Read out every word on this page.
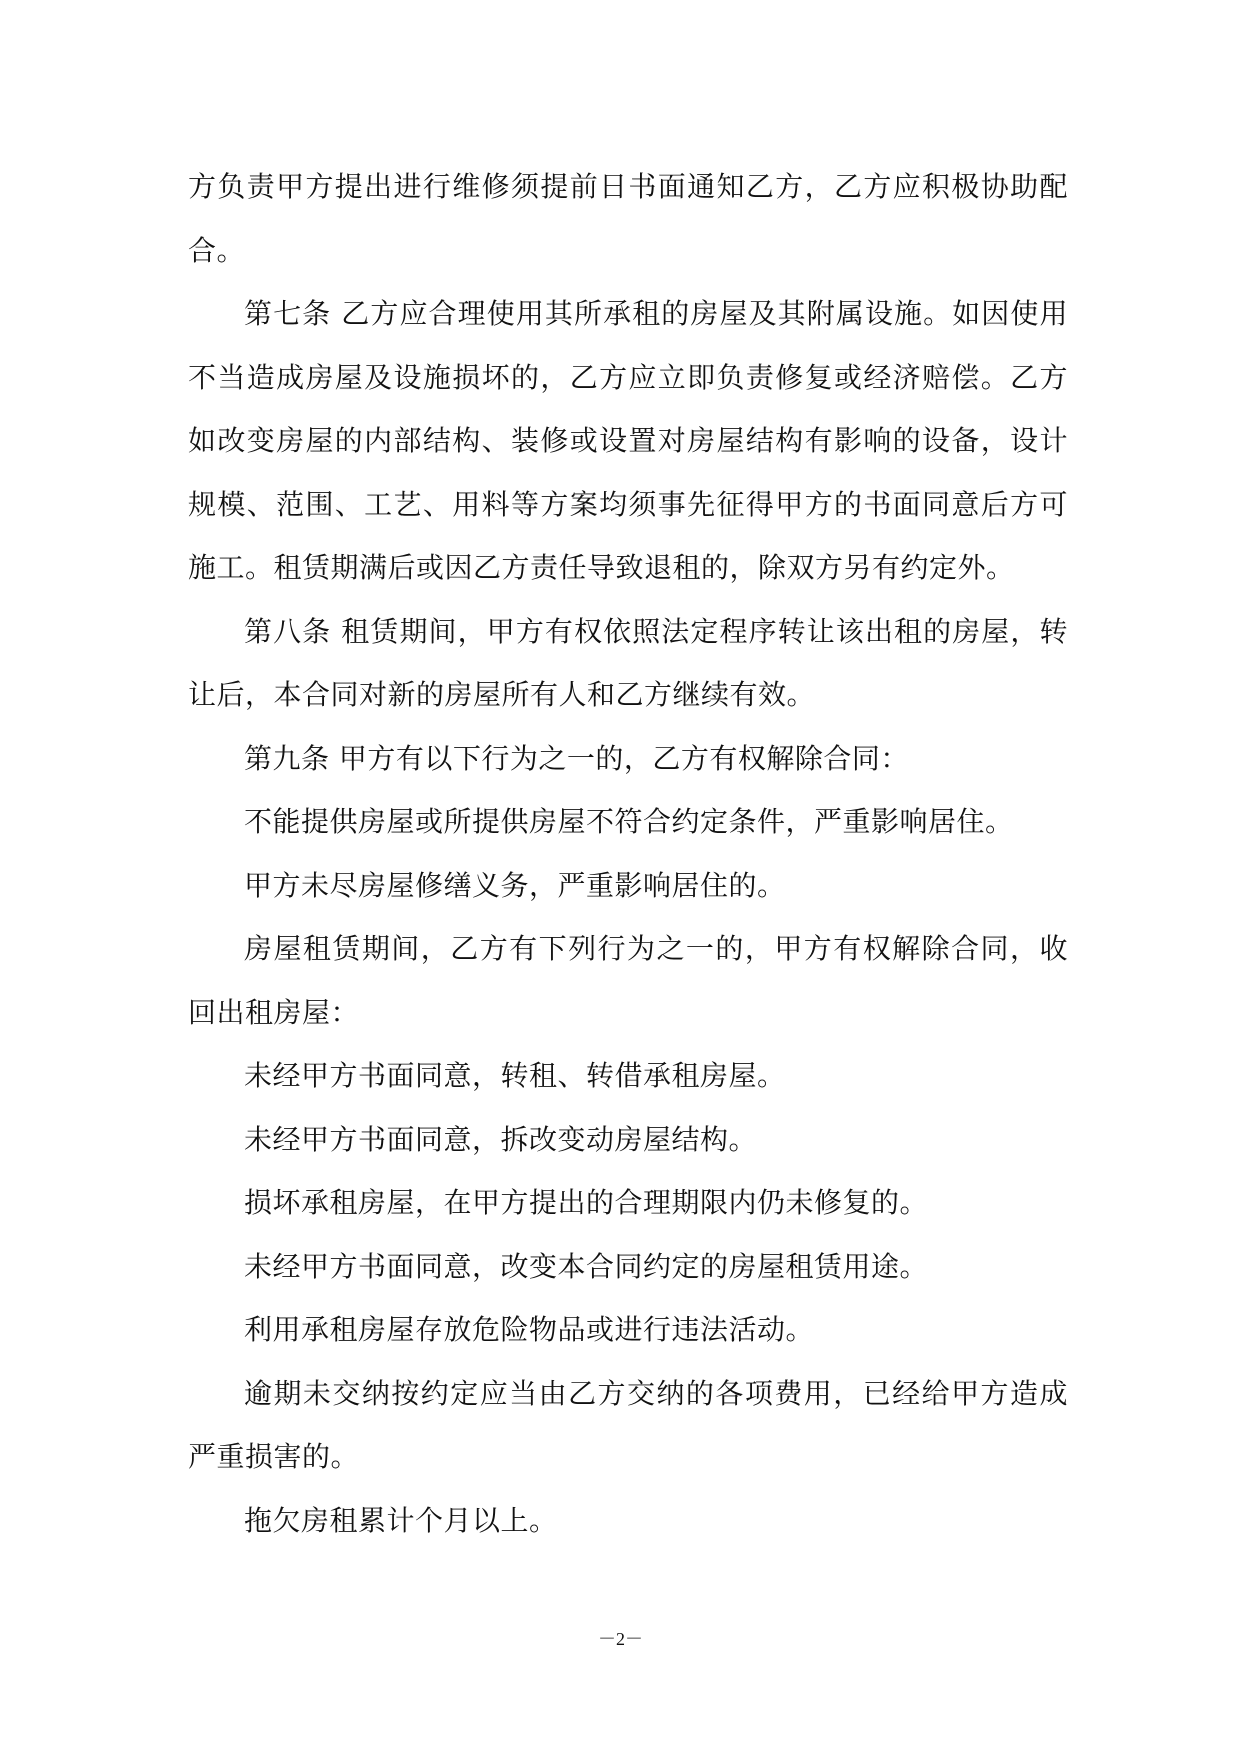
方负责甲方提出进行维修须提前日书面通知乙方，乙方应积极协助配合。

第七条 乙方应合理使用其所承租的房屋及其附属设施。如因使用不当造成房屋及设施损坏的，乙方应立即负责修复或经济赔偿。乙方如改变房屋的内部结构、装修或设置对房屋结构有影响的设备，设计规模、范围、工艺、用料等方案均须事先征得甲方的书面同意后方可施工。租赁期满后或因乙方责任导致退租的，除双方另有约定外。

第八条 租赁期间，甲方有权依照法定程序转让该出租的房屋，转让后，本合同对新的房屋所有人和乙方继续有效。

第九条 甲方有以下行为之一的，乙方有权解除合同：

不能提供房屋或所提供房屋不符合约定条件，严重影响居住。

甲方未尽房屋修缮义务，严重影响居住的。

房屋租赁期间，乙方有下列行为之一的，甲方有权解除合同，收回出租房屋：

未经甲方书面同意，转租、转借承租房屋。

未经甲方书面同意，拆改变动房屋结构。

损坏承租房屋，在甲方提出的合理期限内仍未修复的。

未经甲方书面同意，改变本合同约定的房屋租赁用途。

利用承租房屋存放危险物品或进行违法活动。

逾期未交纳按约定应当由乙方交纳的各项费用，已经给甲方造成严重损害的。

拖欠房租累计个月以上。

－2－
